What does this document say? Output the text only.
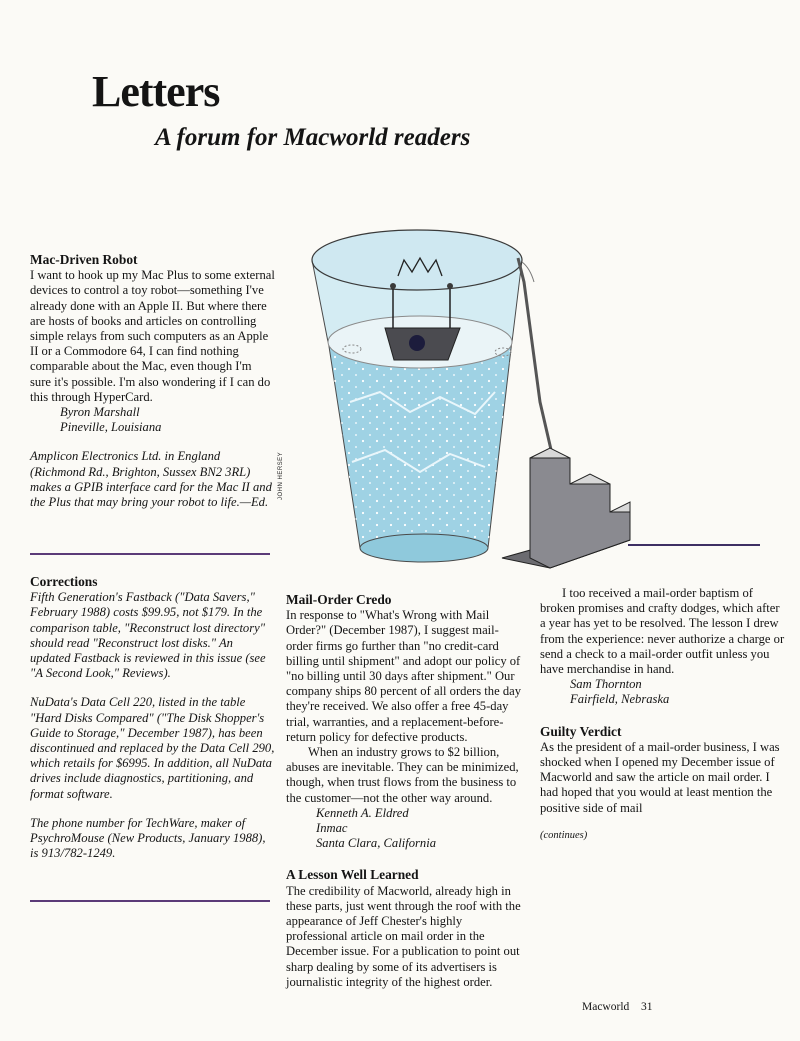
Letters
A forum for Macworld readers
JOHN HERSEY

Mac-Driven Robot

I want to hook up my Mac Plus to some external devices to control a toy robot—something I've already done with an Apple II. But where there are hosts of books and articles on controlling simple relays from such computers as an Apple II or a Commodore 64, I can find nothing comparable about the Mac, even though I'm sure it's possible. I'm also wondering if I can do this through HyperCard.

Byron Marshall

Pineville, Louisiana

Amplicon Electronics Ltd. in England (Richmond Rd., Brighton, Sussex BN2 3RL) makes a GPIB interface card for the Mac II and the Plus that may bring your robot to life.—Ed.

Corrections

Fifth Generation's Fastback ("Data Savers," February 1988) costs $99.95, not $179. In the comparison table, "Reconstruct lost directory" should read "Reconstruct lost disks." An updated Fastback is reviewed in this issue (see "A Second Look," Reviews).

NuData's Data Cell 220, listed in the table "Hard Disks Compared" ("The Disk Shopper's Guide to Storage," December 1987), has been discontinued and replaced by the Data Cell 290, which retails for $6995. In addition, all NuData drives include diagnostics, partitioning, and format software.

The phone number for TechWare, maker of PsychroMouse (New Products, January 1988), is 913/782-1249.

Mail-Order Credo

In response to "What's Wrong with Mail Order?" (December 1987), I suggest mail-order firms go further than "no credit-card billing until shipment" and adopt our policy of "no billing until 30 days after shipment." Our company ships 80 percent of all orders the day they're received. We also offer a free 45-day trial, warranties, and a replacement-before-return policy for defective products.

When an industry grows to $2 billion, abuses are inevitable. They can be minimized, though, when trust flows from the business to the customer—not the other way around.

Kenneth A. Eldred

Inmac

Santa Clara, California

A Lesson Well Learned

The credibility of Macworld, already high in these parts, just went through the roof with the appearance of Jeff Chester's highly professional article on mail order in the December issue. For a publication to point out sharp dealing by some of its advertisers is journalistic integrity of the highest order.

I too received a mail-order baptism of broken promises and crafty dodges, which after a year has yet to be resolved. The lesson I drew from the experience: never authorize a charge or send a check to a mail-order outfit unless you have merchandise in hand.

Sam Thornton

Fairfield, Nebraska

Guilty Verdict

As the president of a mail-order business, I was shocked when I opened my December issue of Macworld and saw the article on mail order. I had hoped that you would at least mention the positive side of mail

(continues)

Macworld 31
